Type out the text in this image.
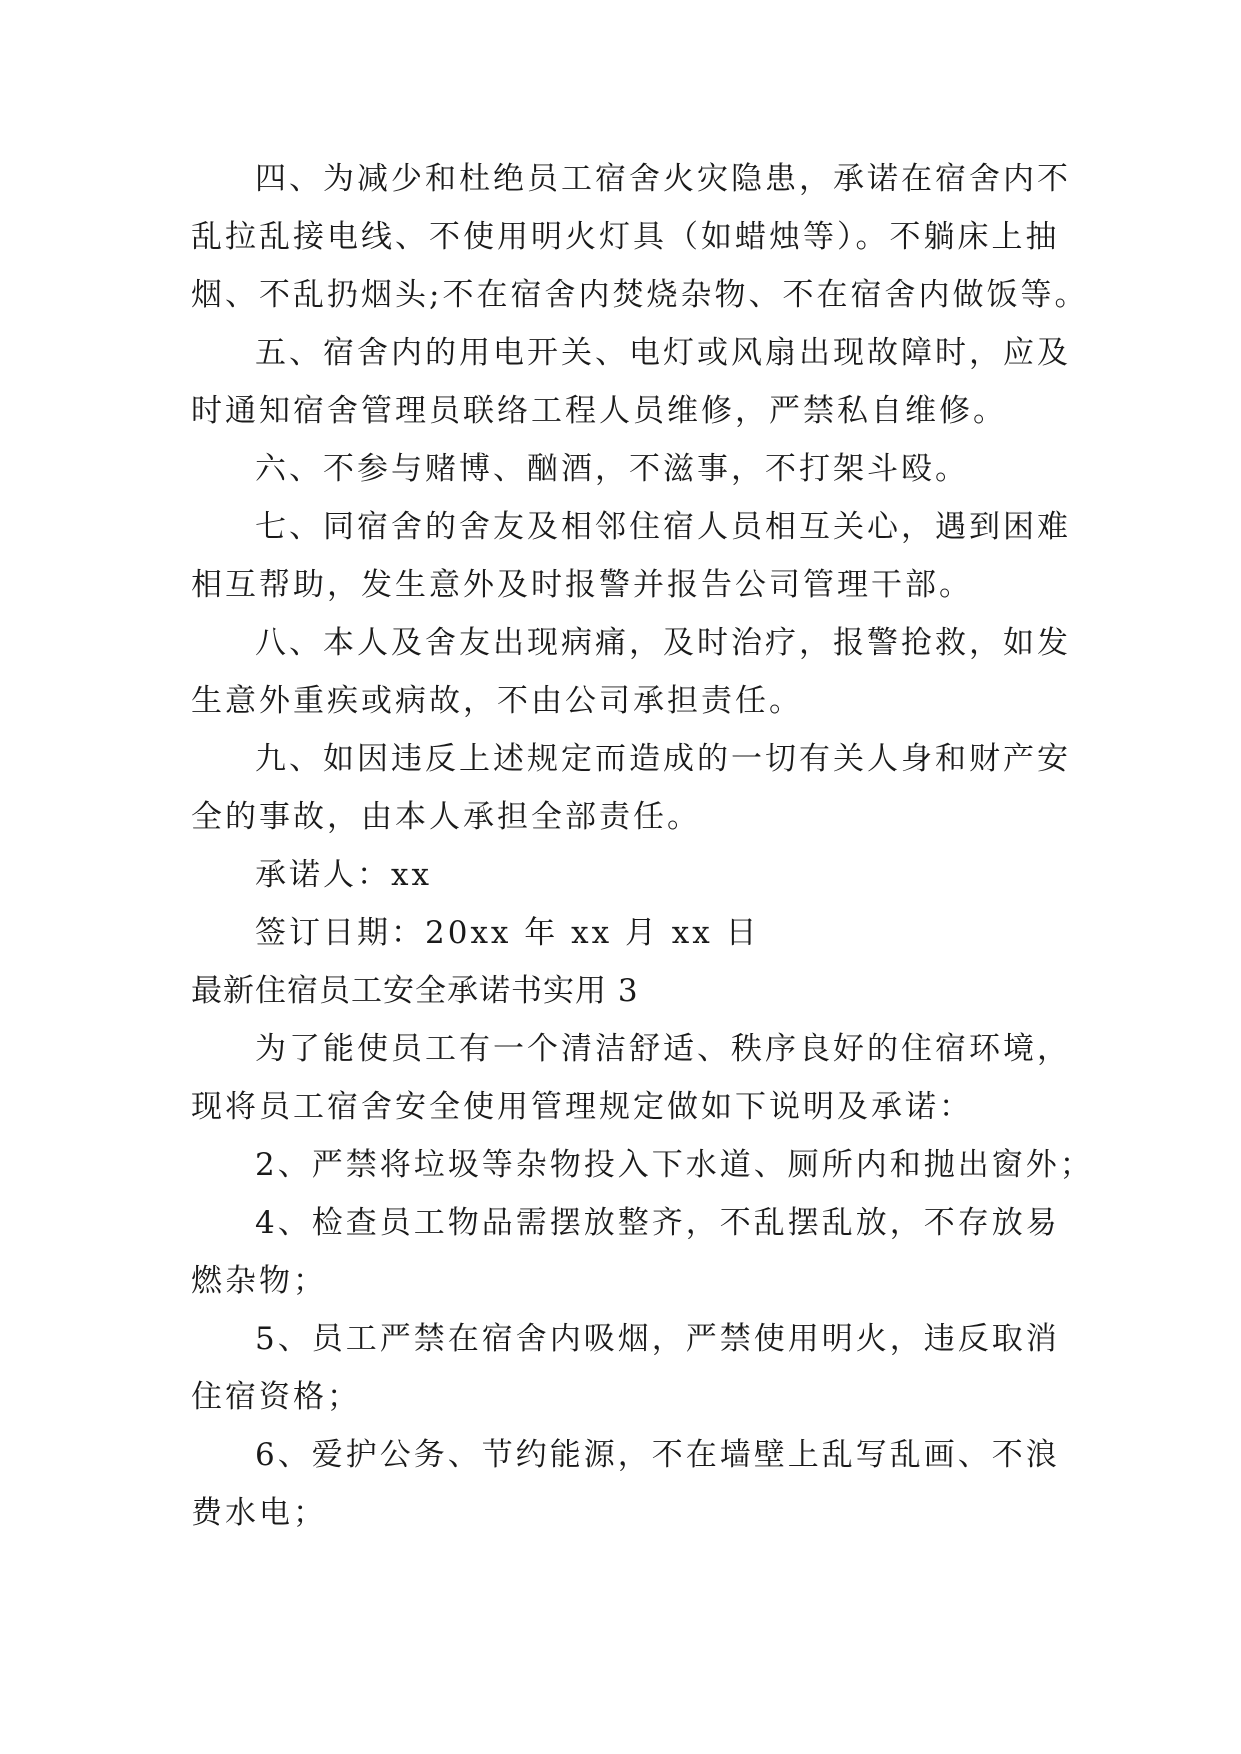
四、为减少和杜绝员工宿舍火灾隐患，承诺在宿舍内不
乱拉乱接电线、不使用明火灯具（如蜡烛等）。不躺床上抽
烟、不乱扔烟头;不在宿舍内焚烧杂物、不在宿舍内做饭等。
五、宿舍内的用电开关、电灯或风扇出现故障时，应及
时通知宿舍管理员联络工程人员维修，严禁私自维修。
六、不参与赌博、酗酒，不滋事，不打架斗殴。
七、同宿舍的舍友及相邻住宿人员相互关心，遇到困难
相互帮助，发生意外及时报警并报告公司管理干部。
八、本人及舍友出现病痛，及时治疗，报警抢救，如发
生意外重疾或病故，不由公司承担责任。
九、如因违反上述规定而造成的一切有关人身和财产安
全的事故，由本人承担全部责任。
承诺人：xx
签订日期：20xx 年 xx 月 xx 日
最新住宿员工安全承诺书实用 3
为了能使员工有一个清洁舒适、秩序良好的住宿环境，
现将员工宿舍安全使用管理规定做如下说明及承诺：
2、严禁将垃圾等杂物投入下水道、厕所内和抛出窗外；
4、检查员工物品需摆放整齐，不乱摆乱放，不存放易
燃杂物；
5、员工严禁在宿舍内吸烟，严禁使用明火，违反取消
住宿资格；
6、爱护公务、节约能源，不在墙壁上乱写乱画、不浪
费水电；
